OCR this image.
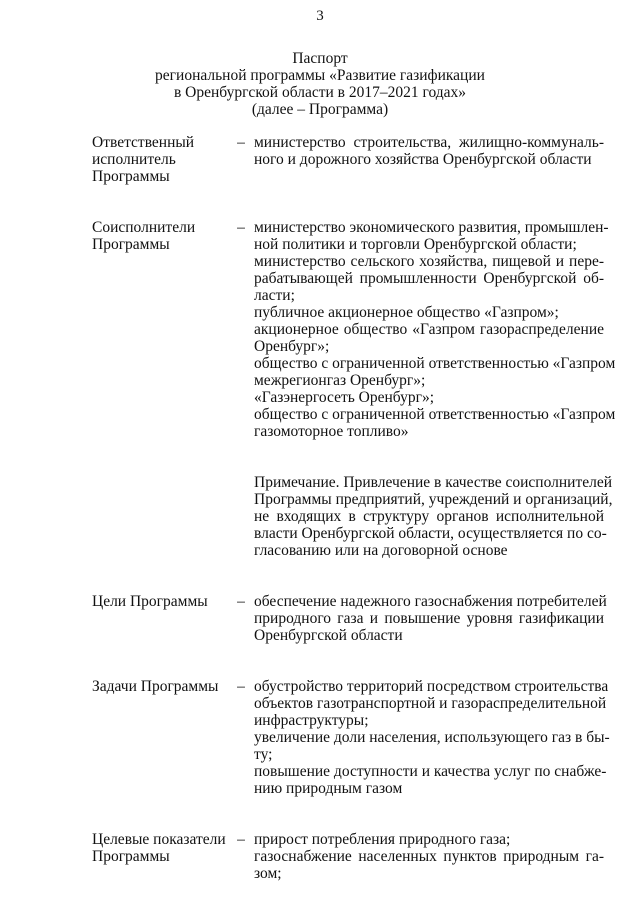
3
Паспорт
региональной программы «Развитие газификации
в Оренбургской области в 2017–2021 годах»
(далее – Программа)
Ответственный
исполнитель
Программы
– министерство строительства, жилищно-коммуналь-
ного и дорожного хозяйства Оренбургской области

Соисполнители
Программы
– министерство экономического развития, промышлен-
ной политики и торговли Оренбургской области;
министерство сельского хозяйства, пищевой и пере-
рабатывающей промышленности Оренбургской об-
ласти;
публичное акционерное общество «Газпром»;
акционерное общество «Газпром газораспределение
Оренбург»;
общество с ограниченной ответственностью «Газпром
межрегионгаз Оренбург»;
«Газэнергосеть Оренбург»;
общество с ограниченной ответственностью «Газпром
газомоторное топливо»

Примечание. Привлечение в качестве соисполнителей
Программы предприятий, учреждений и организаций,
не входящих в структуру органов исполнительной
власти Оренбургской области, осуществляется по со-
гласованию или на договорной основе
Цели Программы	– обеспечение надежного газоснабжения потребителей
природного газа и повышение уровня газификации
Оренбургской области
Задачи Программы	– обустройство территорий посредством строительства
объектов газотранспортной и газораспределительной
инфраструктуры;
увеличение доли населения, использующего газ в бы-
ту;
повышение доступности и качества услуг по снабже-
нию природным газом
Целевые показатели
Программы
– прирост потребления природного газа;
газоснабжение населенных пунктов природным га-
зом;
